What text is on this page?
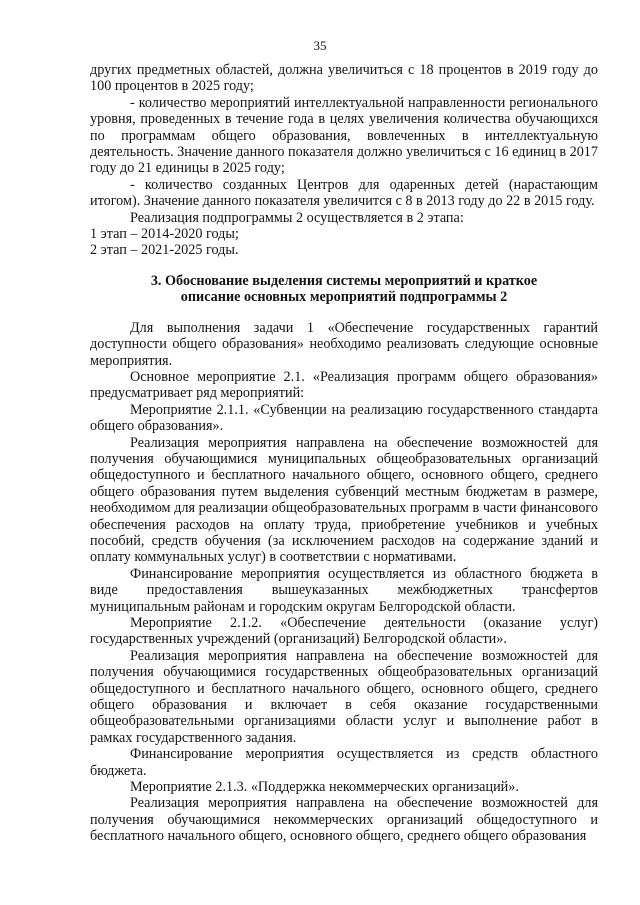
35

других предметных областей, должна увеличиться с 18 процентов в 2019 году до 100 процентов в 2025 году;

- количество мероприятий интеллектуальной направленности регионального уровня, проведенных в течение года в целях увеличения количества обучающихся по программам общего образования, вовлеченных в интеллектуальную деятельность. Значение данного показателя должно увеличиться с 16 единиц в 2017 году до 21 единицы в 2025 году;

- количество созданных Центров для одаренных детей (нарастающим итогом). Значение данного показателя увеличится с 8 в 2013 году до 22 в 2015 году.

Реализация подпрограммы 2 осуществляется в 2 этапа:

1 этап – 2014-2020 годы;

2 этап – 2021-2025 годы.

3. Обоснование выделения системы мероприятий и краткое описание основных мероприятий подпрограммы 2

Для выполнения задачи 1 «Обеспечение государственных гарантий доступности общего образования» необходимо реализовать следующие основные мероприятия.

Основное мероприятие 2.1. «Реализация программ общего образования» предусматривает ряд мероприятий:

Мероприятие 2.1.1. «Субвенции на реализацию государственного стандарта общего образования».

Реализация мероприятия направлена на обеспечение возможностей для получения обучающимися муниципальных общеобразовательных организаций общедоступного и бесплатного начального общего, основного общего, среднего общего образования путем выделения субвенций местным бюджетам в размере, необходимом для реализации общеобразовательных программ в части финансового обеспечения расходов на оплату труда, приобретение учебников и учебных пособий, средств обучения (за исключением расходов на содержание зданий и оплату коммунальных услуг) в соответствии с нормативами.

Финансирование мероприятия осуществляется из областного бюджета в виде предоставления вышеуказанных межбюджетных трансфертов муниципальным районам и городским округам Белгородской области.

Мероприятие 2.1.2. «Обеспечение деятельности (оказание услуг) государственных учреждений (организаций) Белгородской области».

Реализация мероприятия направлена на обеспечение возможностей для получения обучающимися государственных общеобразовательных организаций общедоступного и бесплатного начального общего, основного общего, среднего общего образования и включает в себя оказание государственными общеобразовательными организациями области услуг и выполнение работ в рамках государственного задания.

Финансирование мероприятия осуществляется из средств областного бюджета.

Мероприятие 2.1.3. «Поддержка некоммерческих организаций».

Реализация мероприятия направлена на обеспечение возможностей для получения обучающимися некоммерческих организаций общедоступного и бесплатного начального общего, основного общего, среднего общего образования
